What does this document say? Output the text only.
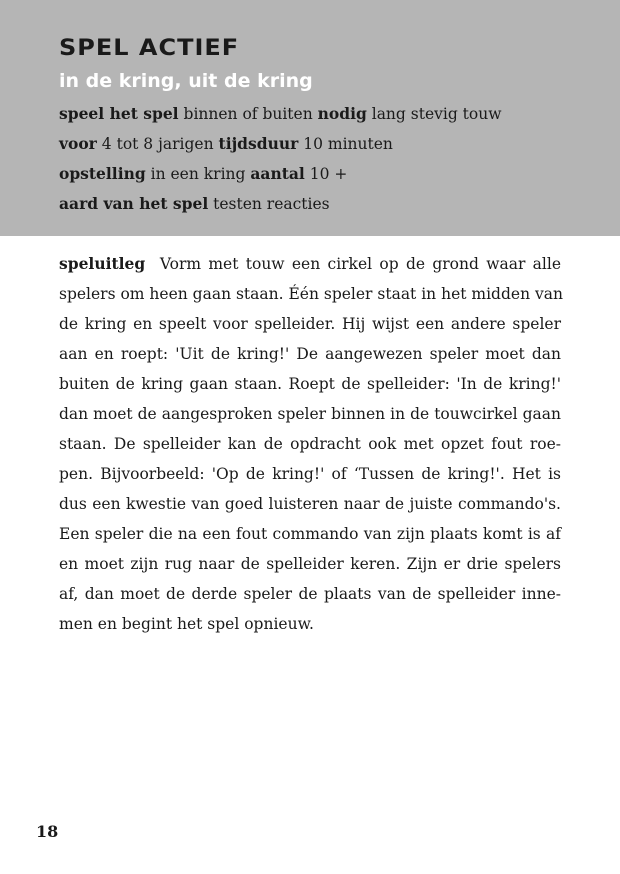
SPEL ACTIEF
in de kring, uit de kring
speel het spel binnen of buiten nodig lang stevig touw
voor 4 tot 8 jarigen tijdsduur 10 minuten
opstelling in een kring aantal 10 +
aard van het spel testen reacties
speluitleg Vorm met touw een cirkel op de grond waar alle
spelers om heen gaan staan. Één speler staat in het midden van
de kring en speelt voor spelleider. Hij wijst een andere speler
aan en roept: 'Uit de kring!' De aangewezen speler moet dan
buiten de kring gaan staan. Roept de spelleider: 'In de kring!'
dan moet de aangesproken speler binnen in de touwcirkel gaan
staan. De spelleider kan de opdracht ook met opzet fout roe-
pen. Bijvoorbeeld: 'Op de kring!' of ‘Tussen de kring!'. Het is
dus een kwestie van goed luisteren naar de juiste commando's.
Een speler die na een fout commando van zijn plaats komt is af
en moet zijn rug naar de spelleider keren. Zijn er drie spelers
af, dan moet de derde speler de plaats van de spelleider inne-
men en begint het spel opnieuw.
18
